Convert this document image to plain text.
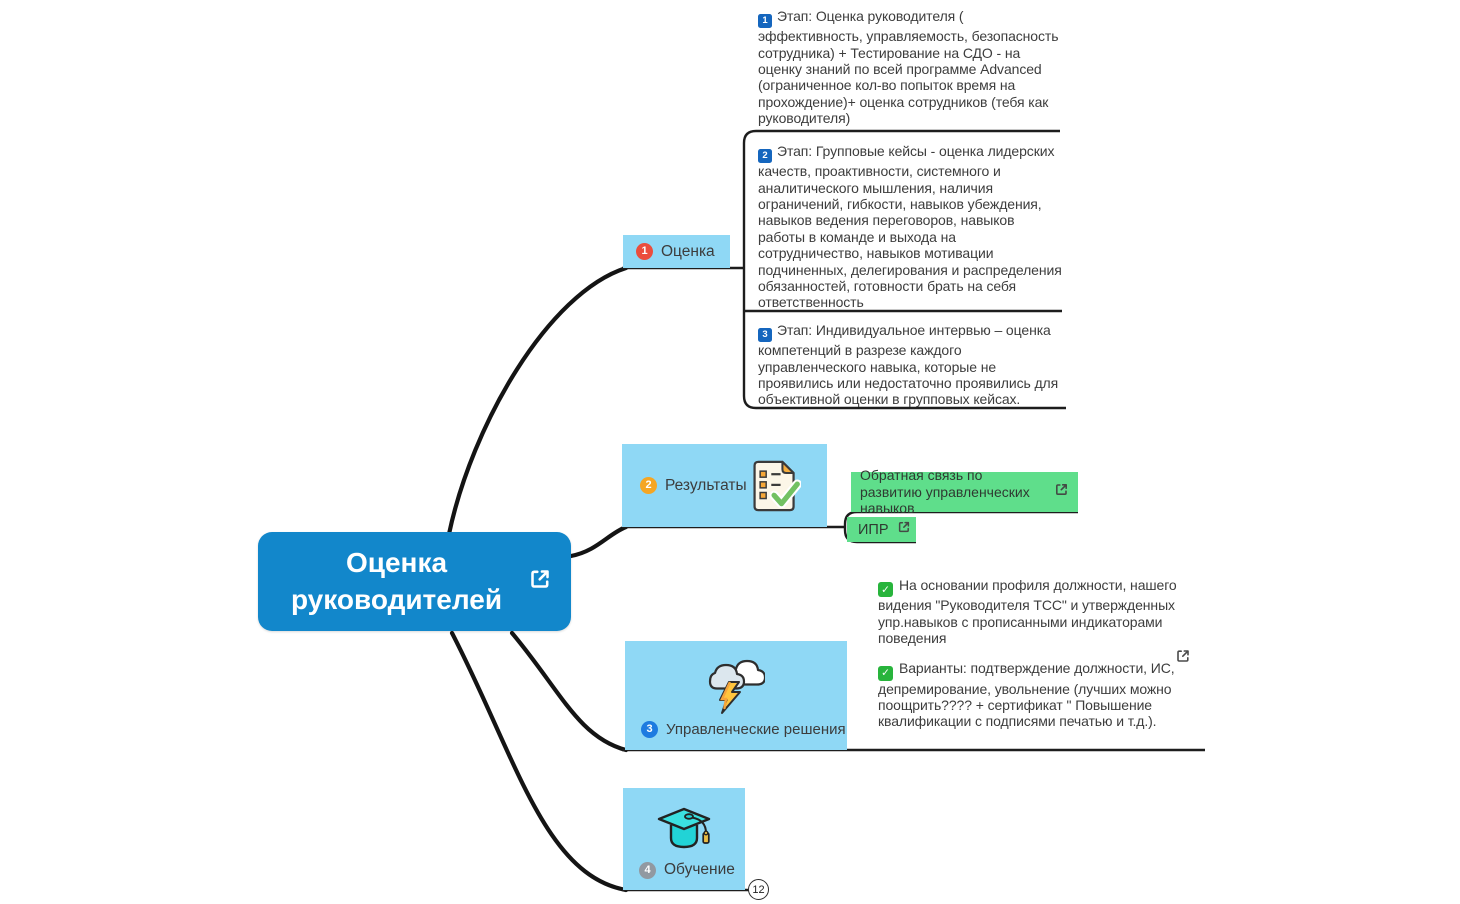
Оценка руководителей
1 Оценка
1 Этап: Оценка руководителя ( эффективность, управляемость, безопасность сотрудника) + Тестирование на СДО - на оценку знаний по всей программе Advanced (ограниченное кол-во попыток время на прохождение)+ оценка сотрудников (тебя как руководителя)
2 Этап: Групповые кейсы - оценка лидерских качеств, проактивности, системного и аналитического мышления, наличия ограничений, гибкости, навыков убеждения, навыков ведения переговоров, навыков работы в команде и выхода на сотрудничество, навыков мотивации подчиненных, делегирования и распределения обязанностей, готовности брать на себя ответственность
3 Этап: Индивидуальное интервью – оценка компетенций в разрезе каждого управленческого навыка, которые не проявились или недостаточно проявились для объективной оценки в групповых кейсах.
2 Результаты
Обратная связь по развитию управленческих навыков
ИПР
3 Управленческие решения
✓ На основании профиля должности, нашего видения "Руководителя ТСС" и утвержденных упр.навыков с прописанными индикаторами поведения
✓ Варианты: подтверждение должности, ИС, депремирование, увольнение (лучших можно поощрить???? + сертификат " Повышение квалификации с подписями печатью и т.д.).
4 Обучение
12
